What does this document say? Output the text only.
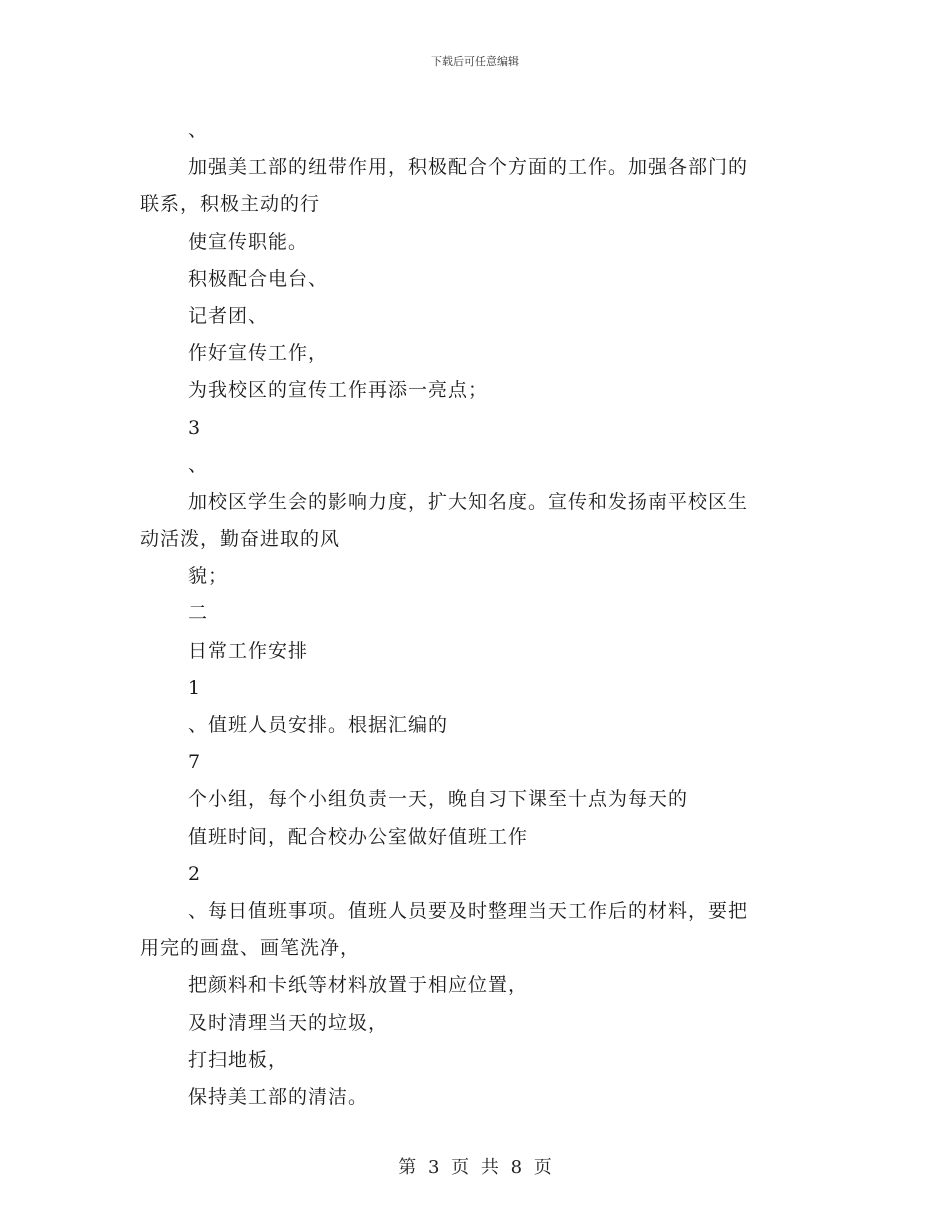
下载后可任意编辑
、
加强美工部的纽带作用，积极配合个方面的工作。加强各部门的
联系，积极主动的行
使宣传职能。
积极配合电台、
记者团、
作好宣传工作，
为我校区的宣传工作再添一亮点；
3
、
加校区学生会的影响力度，扩大知名度。宣传和发扬南平校区生
动活泼，勤奋进取的风
貌；
二
日常工作安排
1
、值班人员安排。根据汇编的
7
个小组，每个小组负责一天，晚自习下课至十点为每天的
值班时间，配合校办公室做好值班工作
2
、每日值班事项。值班人员要及时整理当天工作后的材料，要把
用完的画盘、画笔洗净，
把颜料和卡纸等材料放置于相应位置，
及时清理当天的垃圾，
打扫地板，
保持美工部的清洁。
第 3 页 共 8 页
